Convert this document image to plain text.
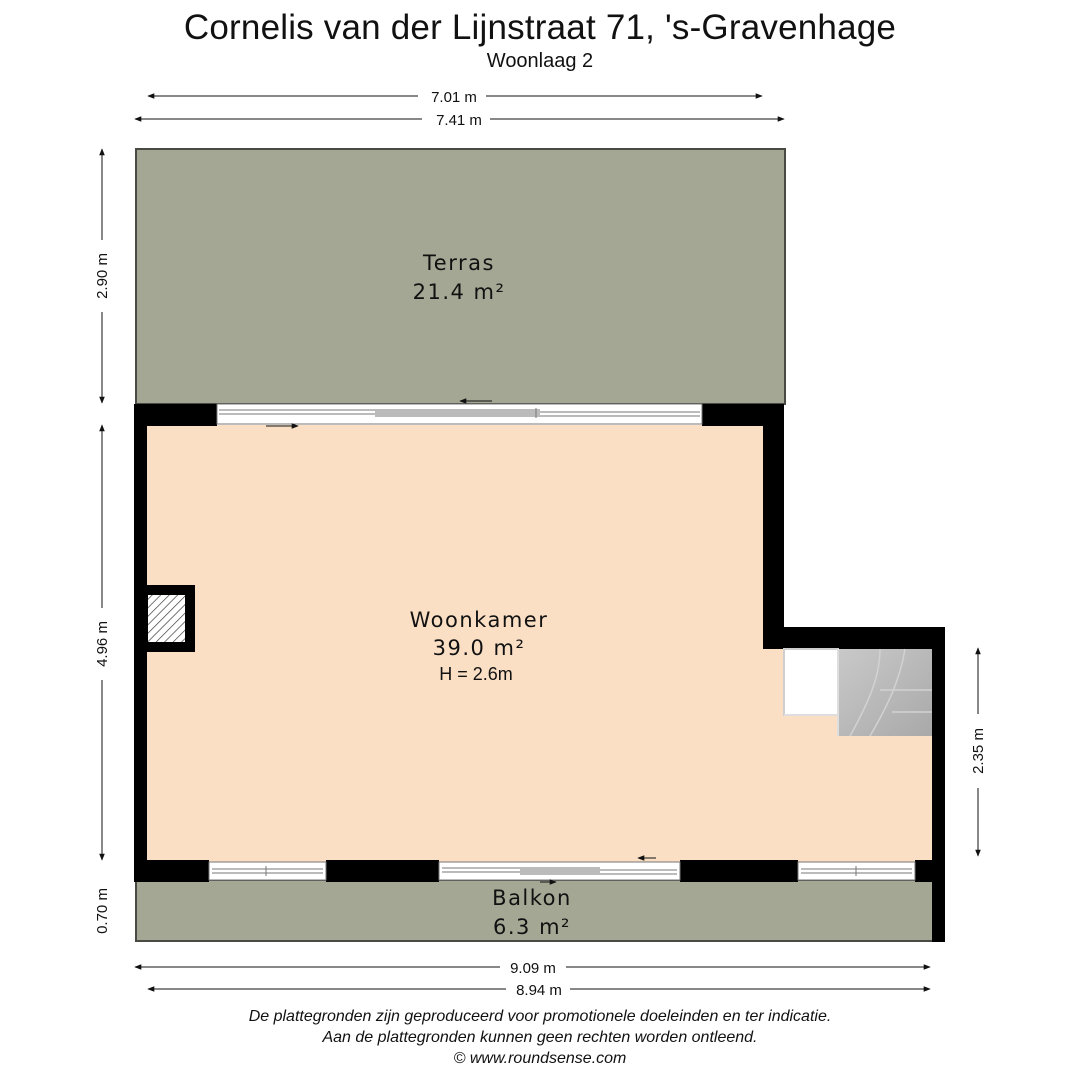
Cornelis van der Lijnstraat 71, 's-Gravenhage
Woonlaag 2
Terras
21.4 m²
Woonkamer
39.0 m²
H = 2.6m
Balkon
6.3 m²
7.01 m
7.41 m
2.90 m
4.96 m
0.70 m
2.35 m
9.09 m
8.94 m
De plattegronden zijn geproduceerd voor promotionele doeleinden en ter indicatie.
Aan de plattegronden kunnen geen rechten worden ontleend.
© www.roundsense.com
